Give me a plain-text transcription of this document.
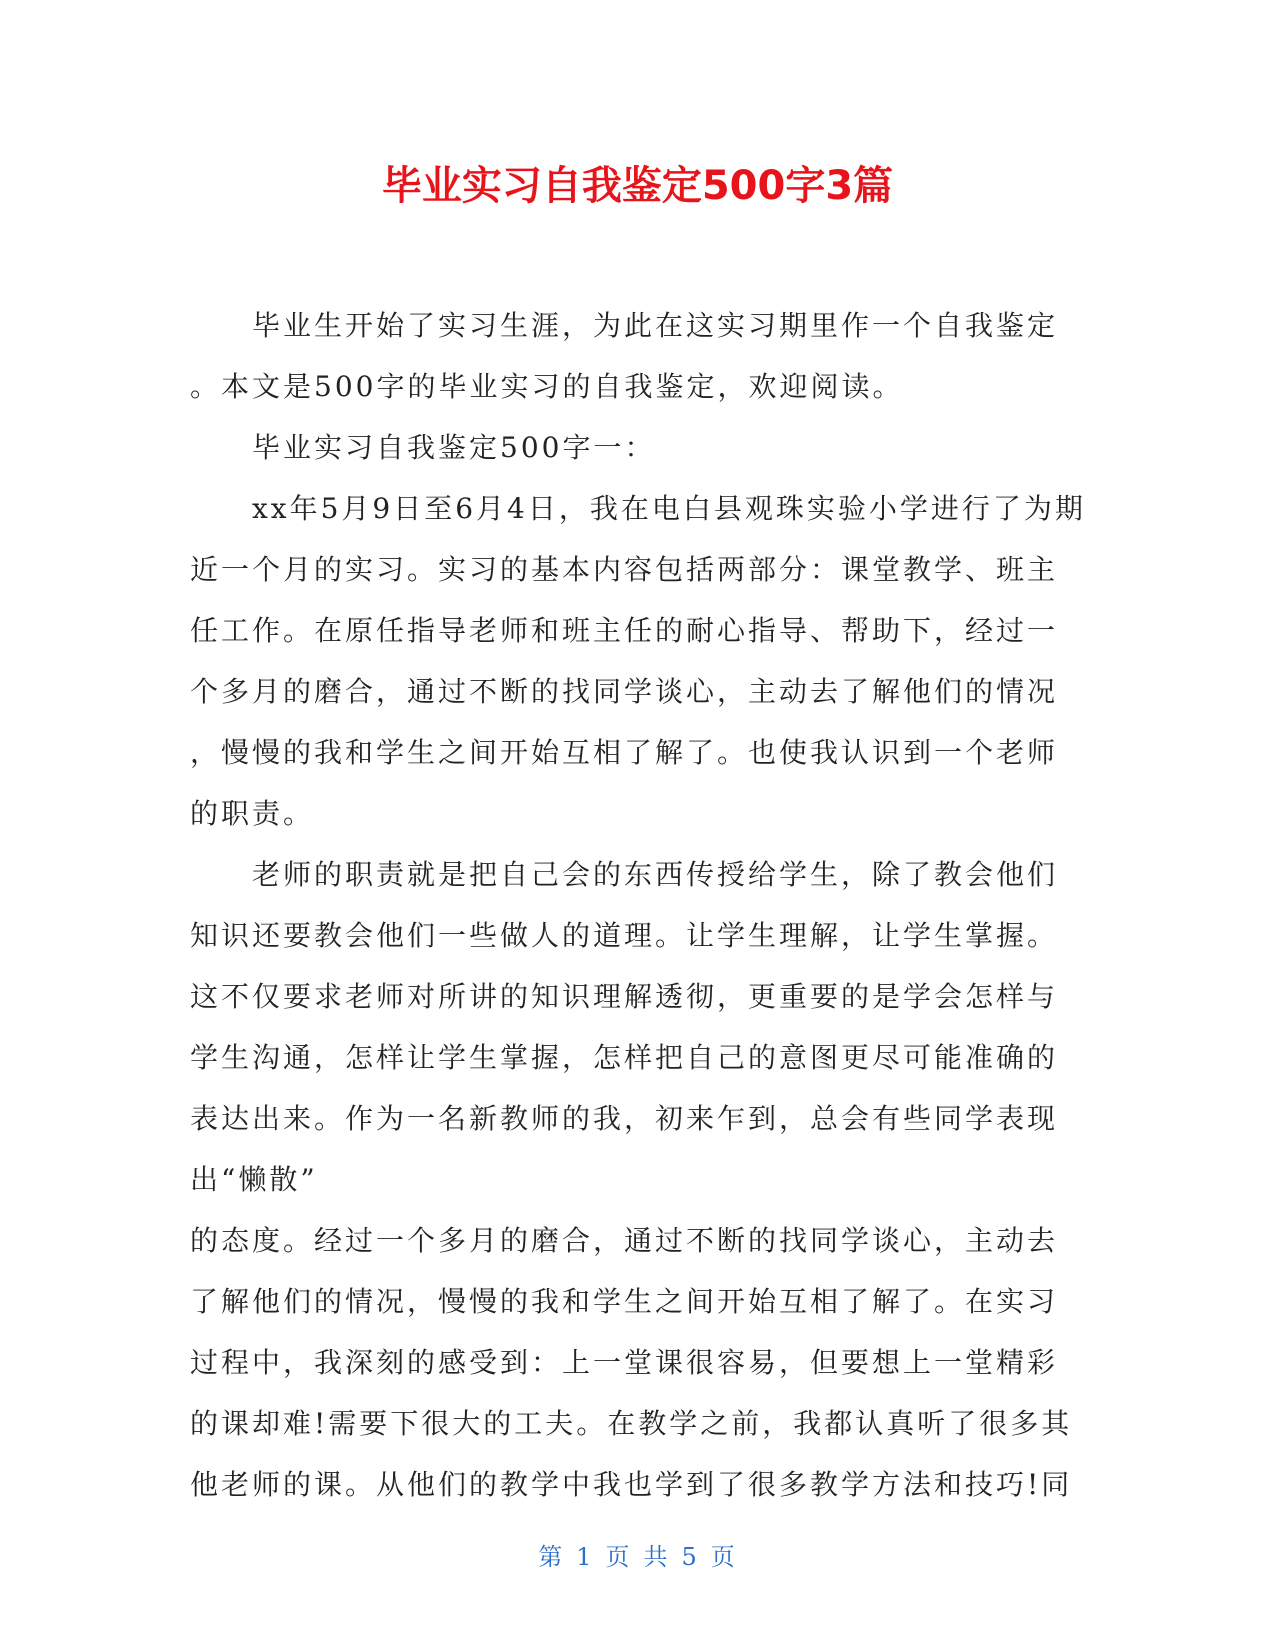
毕业实习自我鉴定500字3篇
毕业生开始了实习生涯，为此在这实习期里作一个自我鉴定
。本文是500字的毕业实习的自我鉴定，欢迎阅读。
毕业实习自我鉴定500字一：
xx年5月9日至6月4日，我在电白县观珠实验小学进行了为期
近一个月的实习。实习的基本内容包括两部分：课堂教学、班主
任工作。在原任指导老师和班主任的耐心指导、帮助下，经过一
个多月的磨合，通过不断的找同学谈心，主动去了解他们的情况
，慢慢的我和学生之间开始互相了解了。也使我认识到一个老师
的职责。
老师的职责就是把自己会的东西传授给学生，除了教会他们
知识还要教会他们一些做人的道理。让学生理解，让学生掌握。
这不仅要求老师对所讲的知识理解透彻，更重要的是学会怎样与
学生沟通，怎样让学生掌握，怎样把自己的意图更尽可能准确的
表达出来。作为一名新教师的我，初来乍到，总会有些同学表现
出“懒散”
的态度。经过一个多月的磨合，通过不断的找同学谈心，主动去
了解他们的情况，慢慢的我和学生之间开始互相了解了。在实习
过程中，我深刻的感受到：上一堂课很容易，但要想上一堂精彩
的课却难!需要下很大的工夫。在教学之前，我都认真听了很多其
他老师的课。从他们的教学中我也学到了很多教学方法和技巧!同
第 1 页 共 5 页
